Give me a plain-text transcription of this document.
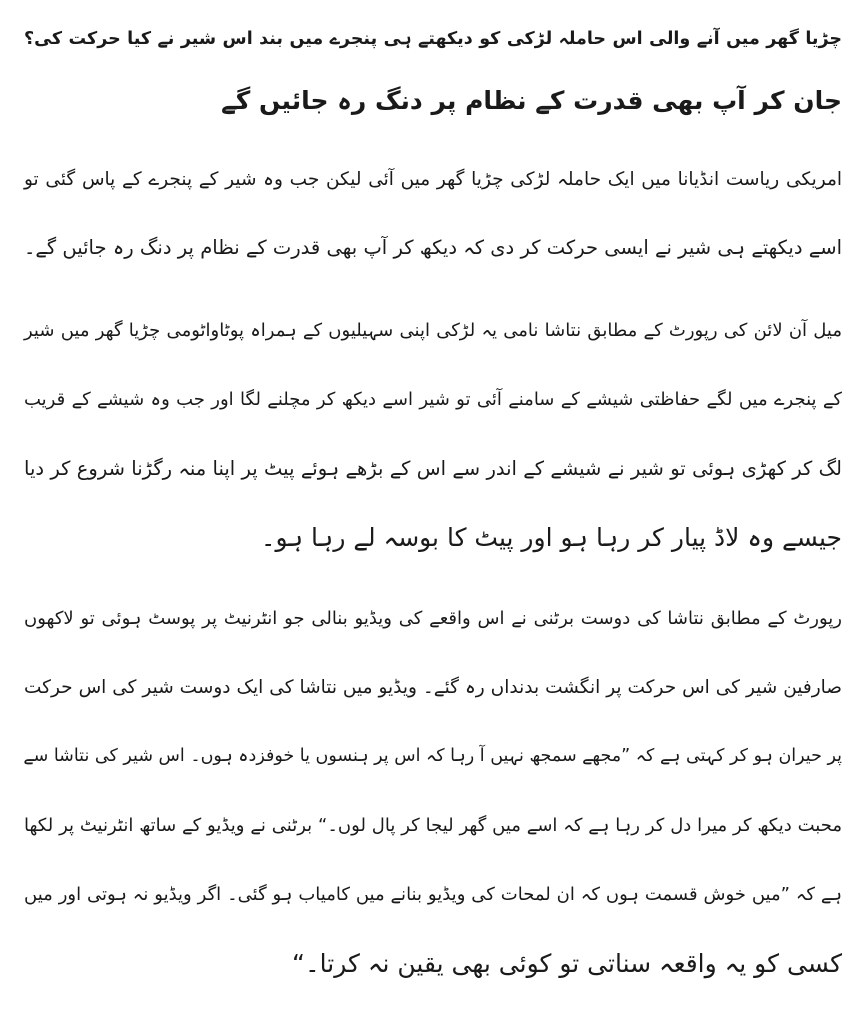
چڑیا گھر میں آنے والی اس حاملہ لڑکی کو دیکھتے ہی پنجرے میں بند اس شیر نے کیا حرکت کی؟
جان کر آپ بھی قدرت کے نظام پر دنگ رہ جائیں گے
امریکی ریاست انڈیانا میں ایک حاملہ لڑکی چڑیا گھر میں آئی لیکن جب وہ شیر کے پنجرے کے پاس گئی تو
اسے دیکھتے ہی شیر نے ایسی حرکت کر دی کہ دیکھ کر آپ بھی قدرت کے نظام پر دنگ رہ جائیں گے۔
میل آن لائن کی رپورٹ کے مطابق نتاشا نامی یہ لڑکی اپنی سہیلیوں کے ہمراہ پوٹاواٹومی چڑیا گھر میں شیر
کے پنجرے میں لگے حفاظتی شیشے کے سامنے آئی تو شیر اسے دیکھ کر مچلنے لگا اور جب وہ شیشے کے قریب
لگ کر کھڑی ہوئی تو شیر نے شیشے کے اندر سے اس کے بڑھے ہوئے پیٹ پر اپنا منہ رگڑنا شروع کر دیا
جیسے وہ لاڈ پیار کر رہا ہو اور پیٹ کا بوسہ لے رہا ہو۔
رپورٹ کے مطابق نتاشا کی دوست برٹنی نے اس واقعے کی ویڈیو بنالی جو انٹرنیٹ پر پوسٹ ہوئی تو لاکھوں
صارفین شیر کی اس حرکت پر انگشت بدنداں رہ گئے۔ ویڈیو میں نتاشا کی ایک دوست شیر کی اس حرکت
پر حیران ہو کر کہتی ہے کہ ”مجھے سمجھ نہیں آ رہا کہ اس پر ہنسوں یا خوفزدہ ہوں۔ اس شیر کی نتاشا سے
محبت دیکھ کر میرا دل کر رہا ہے کہ اسے میں گھر لیجا کر پال لوں۔“ برٹنی نے ویڈیو کے ساتھ انٹرنیٹ پر لکھا
ہے کہ ”میں خوش قسمت ہوں کہ ان لمحات کی ویڈیو بنانے میں کامیاب ہو گئی۔ اگر ویڈیو نہ ہوتی اور میں
کسی کو یہ واقعہ سناتی تو کوئی بھی یقین نہ کرتا۔“
